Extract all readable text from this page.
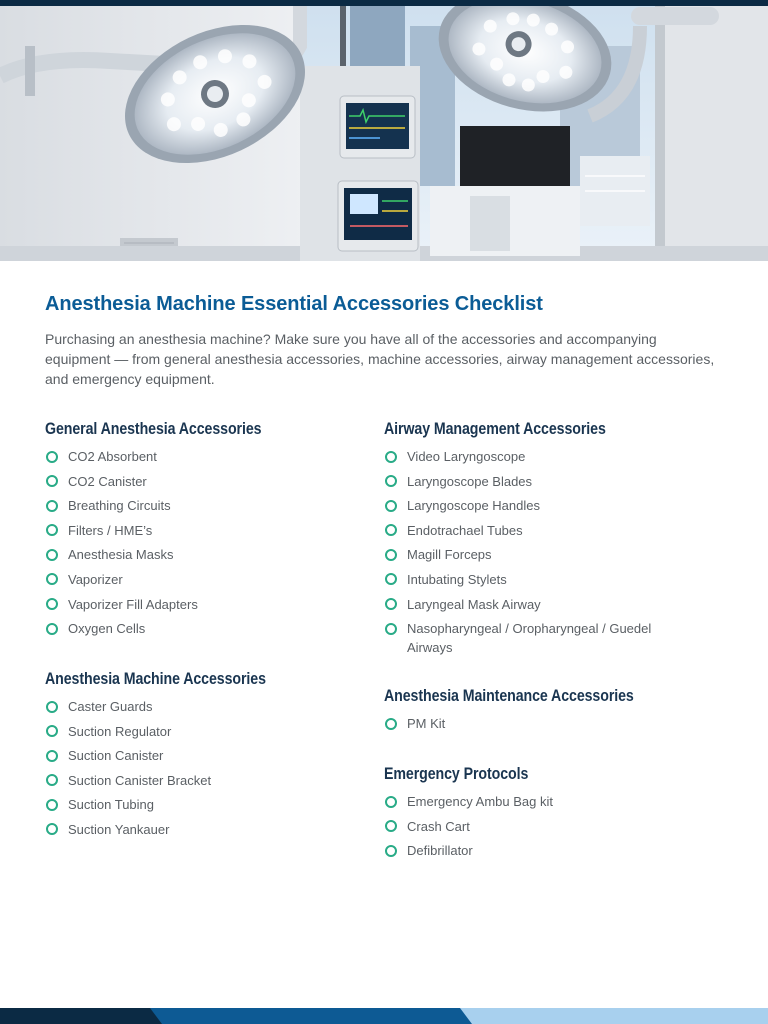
Anesthesia Machine Essential Accessories Checklist

Purchasing an anesthesia machine? Make sure you have all of the accessories and accompanying equipment — from general anesthesia accessories, machine accessories, airway management accessories, and emergency equipment.

General Anesthesia Accessories
CO2 Absorbent
CO2 Canister
Breathing Circuits
Filters / HME’s
Anesthesia Masks
Vaporizer
Vaporizer Fill Adapters
Oxygen Cells
Anesthesia Machine Accessories
Caster Guards
Suction Regulator
Suction Canister
Suction Canister Bracket
Suction Tubing
Suction Yankauer
Airway Management Accessories
Video Laryngoscope
Laryngoscope Blades
Laryngoscope Handles
Endotrachael Tubes
Magill Forceps
Intubating Stylets
Laryngeal Mask Airway
Nasopharyngeal / Oropharyngeal / Guedel Airways
Anesthesia Maintenance Accessories
PM Kit
Emergency Protocols
Emergency Ambu Bag kit
Crash Cart
Defibrillator
